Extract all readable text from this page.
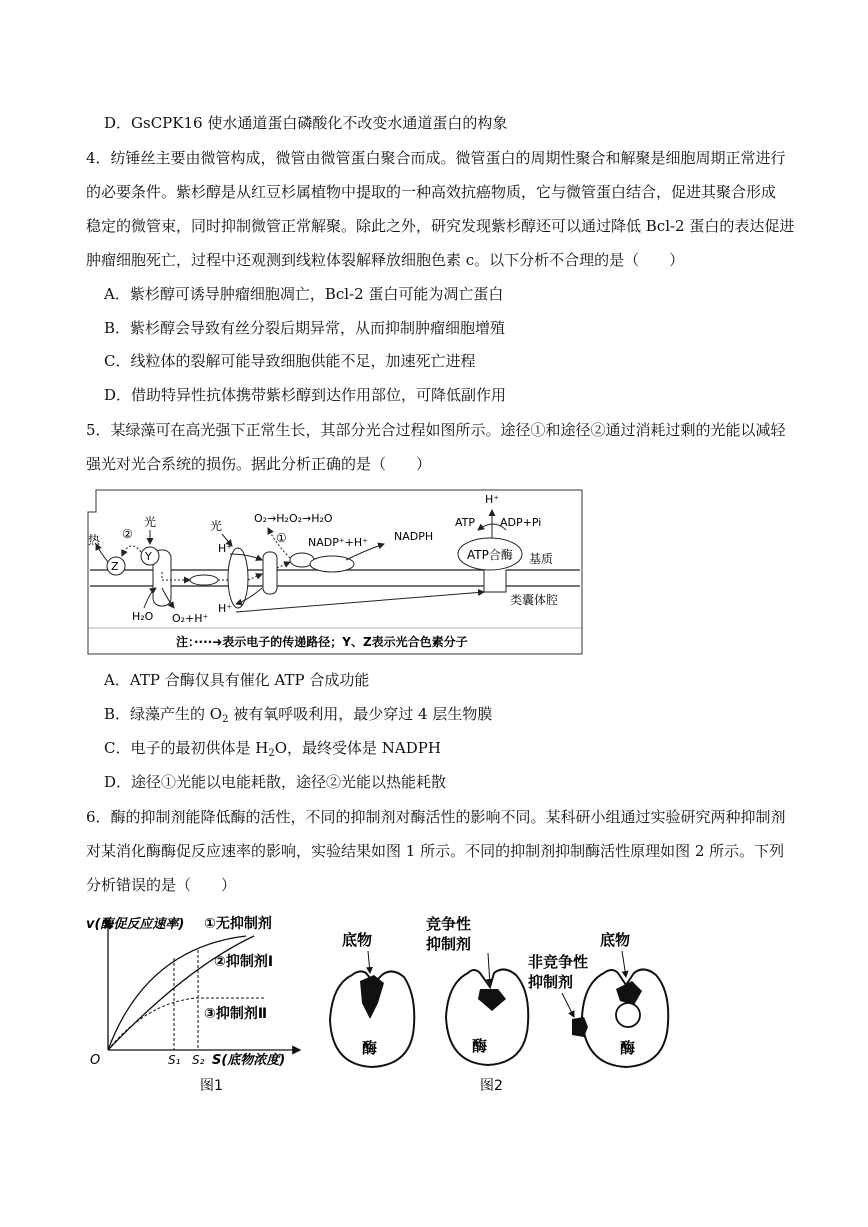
D．GsCPK16 使水通道蛋白磷酸化不改变水通道蛋白的构象
4．纺锤丝主要由微管构成，微管由微管蛋白聚合而成。微管蛋白的周期性聚合和解聚是细胞周期正常进行
的必要条件。紫杉醇是从红豆杉属植物中提取的一种高效抗癌物质，它与微管蛋白结合，促进其聚合形成
稳定的微管束，同时抑制微管正常解聚。除此之外，研究发现紫杉醇还可以通过降低 Bcl-2 蛋白的表达促进
肿瘤细胞死亡，过程中还观测到线粒体裂解释放细胞色素 c。以下分析不合理的是（　　）
A．紫杉醇可诱导肿瘤细胞凋亡，Bcl-2 蛋白可能为凋亡蛋白
B．紫杉醇会导致有丝分裂后期异常，从而抑制肿瘤细胞增殖
C．线粒体的裂解可能导致细胞供能不足，加速死亡进程
D．借助特异性抗体携带紫杉醇到达作用部位，可降低副作用
5．某绿藻可在高光强下正常生长，其部分光合过程如图所示。途径①和途径②通过消耗过剩的光能以减轻
强光对光合系统的损伤。据此分析正确的是（　　）
ATP合酶 基质
类囊体腔
H⁺
ATP ADP+Pi
Z
Y
热 ②
光	光
O₂→H₂O₂→H₂O
① NADP⁺+H⁺ NADPH
H⁺
H⁺
H₂O O₂+H⁺
注：····➜表示电子的传递路径；Y、Z表示光合色素分子
A．ATP 合酶仅具有催化 ATP 合成功能
B．绿藻产生的 $O_2$ 被有氧呼吸利用，最少穿过 4 层生物膜
C．电子的最初供体是 $H_2O$，最终受体是 NADPH
D．途径①光能以电能耗散，途径②光能以热能耗散
6．酶的抑制剂能降低酶的活性，不同的抑制剂对酶活性的影响不同。某科研小组通过实验研究两种抑制剂
对某消化酶酶促反应速率的影响，实验结果如图 1 所示。不同的抑制剂抑制酶活性原理如图 2 所示。下列
分析错误的是（　　）
v(酶促反应速率)
O	S(底物浓度)
S₁ S₂
①无抑制剂
②抑制剂Ⅰ
③抑制剂Ⅱ
图1
底物
酶
竞争性
抑制剂
酶
非竞争性
抑制剂
底物
酶
图2
